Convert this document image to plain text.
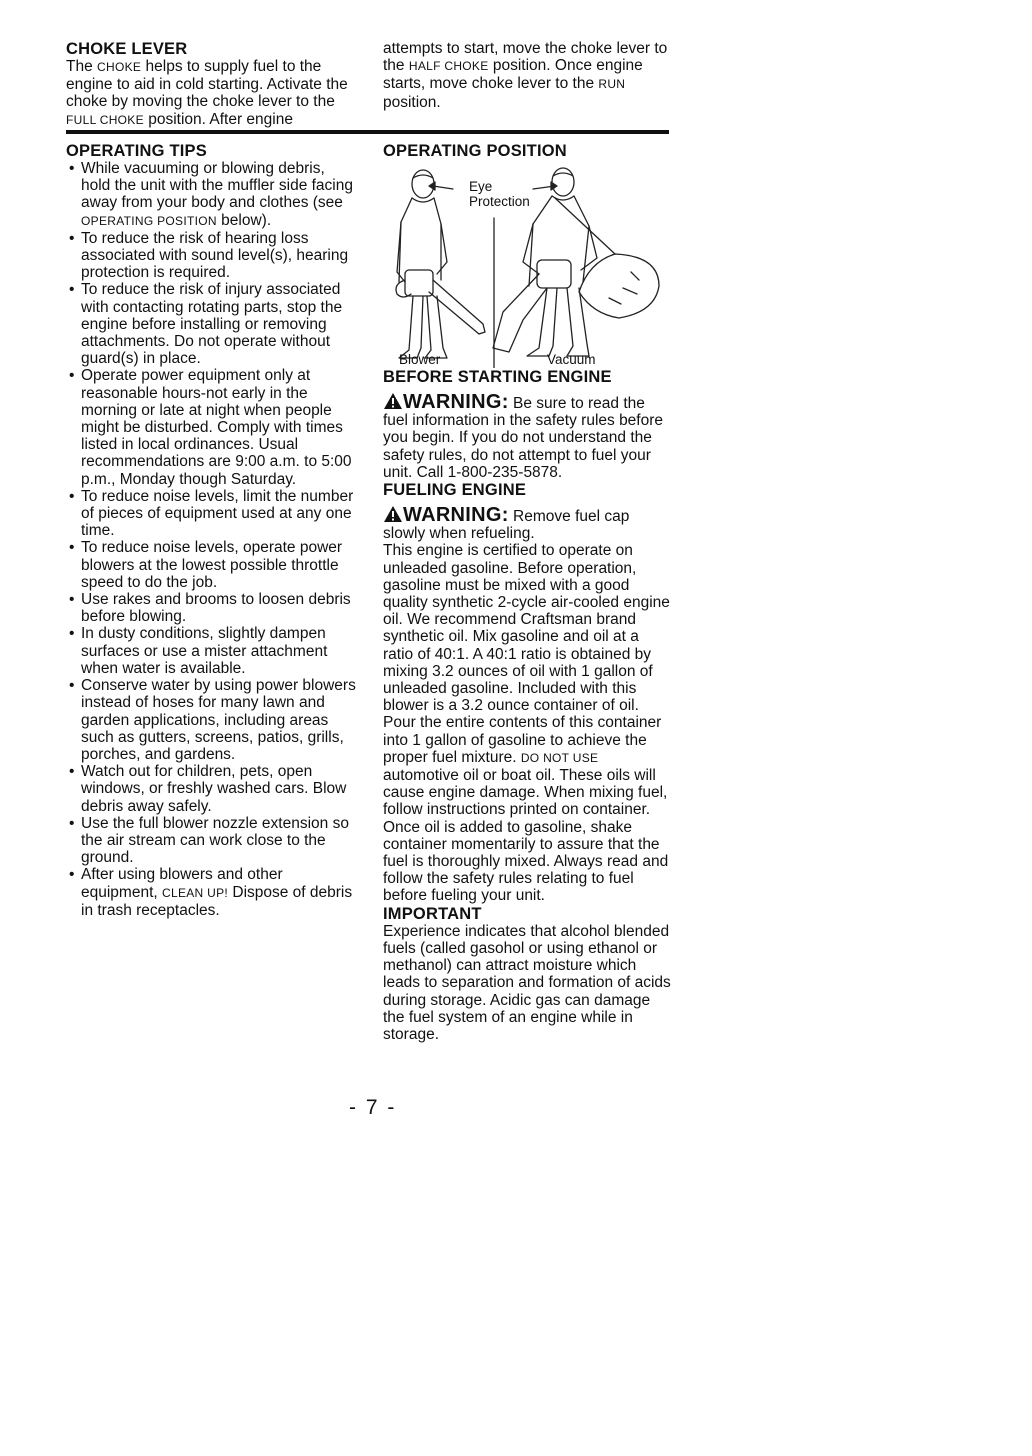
CHOKE LEVER

The CHOKE helps to supply fuel to the engine to aid in cold starting. Activate the choke by moving the choke lever to the FULL CHOKE position. After engine

attempts to start, move the choke lever to the HALF CHOKE position. Once engine starts, move choke lever to the RUN position.

OPERATING TIPS
• While vacuuming or blowing debris, hold the unit with the muffler side facing away from your body and clothes (see OPERATING POSITION below).
• To reduce the risk of hearing loss associated with sound level(s), hearing protection is required.
• To reduce the risk of injury associated with contacting rotating parts, stop the engine before installing or removing attachments. Do not operate without guard(s) in place.
• Operate power equipment only at reasonable hours-not early in the morning or late at night when people might be disturbed. Comply with times listed in local ordinances. Usual recommendations are 9:00 a.m. to 5:00 p.m., Monday though Saturday.
• To reduce noise levels, limit the number of pieces of equipment used at any one time.
• To reduce noise levels, operate power blowers at the lowest possible throttle speed to do the job.
• Use rakes and brooms to loosen debris before blowing.
• In dusty conditions, slightly dampen surfaces or use a mister attachment when water is available.
• Conserve water by using power blowers instead of hoses for many lawn and garden applications, including areas such as gutters, screens, patios, grills, porches, and gardens.
• Watch out for children, pets, open windows, or freshly washed cars. Blow debris away safely.
• Use the full blower nozzle extension so the air stream can work close to the ground.
• After using blowers and other equipment, CLEAN UP! Dispose of debris in trash receptacles.
OPERATING POSITION
Eye
Protection
Blower	Vacuum
BEFORE STARTING ENGINE

WARNING: Be sure to read the fuel information in the safety rules before you begin. If you do not understand the safety rules, do not attempt to fuel your unit. Call 1-800-235-5878.

FUELING ENGINE

WARNING: Remove fuel cap slowly when refueling.

This engine is certified to operate on unleaded gasoline. Before operation, gasoline must be mixed with a good quality synthetic 2-cycle air-cooled engine oil. We recommend Craftsman brand synthetic oil. Mix gasoline and oil at a ratio of 40:1. A 40:1 ratio is obtained by mixing 3.2 ounces of oil with 1 gallon of unleaded gasoline. Included with this blower is a 3.2 ounce container of oil. Pour the entire contents of this container into 1 gallon of gasoline to achieve the proper fuel mixture. DO NOT USE automotive oil or boat oil. These oils will cause engine damage. When mixing fuel, follow instructions printed on container. Once oil is added to gasoline, shake container momentarily to assure that the fuel is thoroughly mixed. Always read and follow the safety rules relating to fuel before fueling your unit.

IMPORTANT

Experience indicates that alcohol blended fuels (called gasohol or using ethanol or methanol) can attract moisture which leads to separation and formation of acids during storage. Acidic gas can damage the fuel system of an engine while in storage.

- 7 -
